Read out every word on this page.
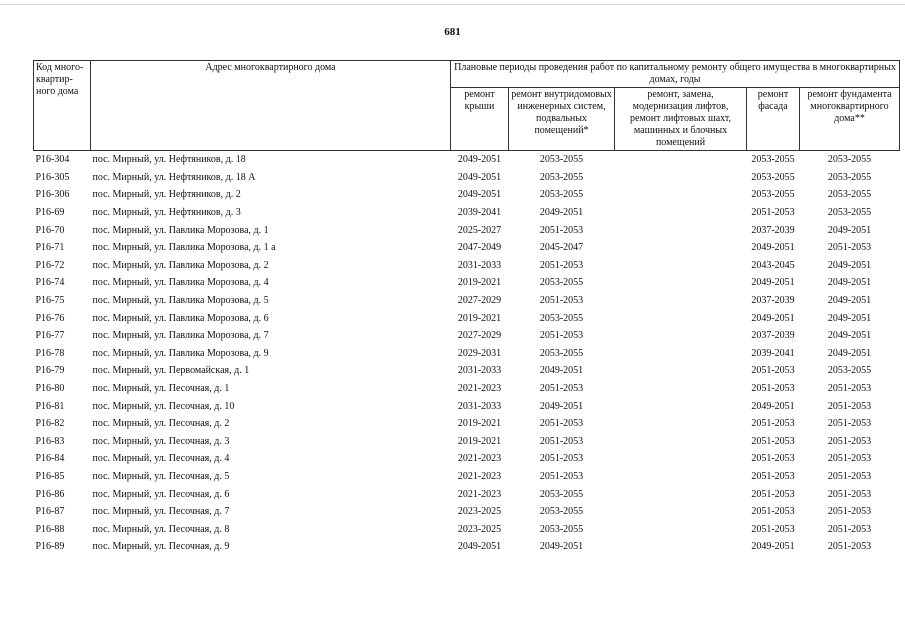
681
Код много-квартир-ного дома	Адрес многоквартирного дома	Плановые периоды проведения работ по капитальному ремонту общего имущества в многоквартирных домах, годы				
		ремонт крыши	ремонт внутридомовых инженерных систем, подвальных помещений*	ремонт, замена, модернизация лифтов, ремонт лифтовых шахт, машинных и блочных помещений	ремонт фасада	ремонт фундамента многоквартирного дома**
Р16-304	пос. Мирный, ул. Нефтяников, д. 18	2049-2051	2053-2055		2053-2055	2053-2055
Р16-305	пос. Мирный, ул. Нефтяников, д. 18 А	2049-2051	2053-2055		2053-2055	2053-2055
Р16-306	пос. Мирный, ул. Нефтяников, д. 2	2049-2051	2053-2055		2053-2055	2053-2055
Р16-69	пос. Мирный, ул. Нефтяников, д. 3	2039-2041	2049-2051		2051-2053	2053-2055
Р16-70	пос. Мирный, ул. Павлика Морозова, д. 1	2025-2027	2051-2053		2037-2039	2049-2051
Р16-71	пос. Мирный, ул. Павлика Морозова, д. 1 а	2047-2049	2045-2047		2049-2051	2051-2053
Р16-72	пос. Мирный, ул. Павлика Морозова, д. 2	2031-2033	2051-2053		2043-2045	2049-2051
Р16-74	пос. Мирный, ул. Павлика Морозова, д. 4	2019-2021	2053-2055		2049-2051	2049-2051
Р16-75	пос. Мирный, ул. Павлика Морозова, д. 5	2027-2029	2051-2053		2037-2039	2049-2051
Р16-76	пос. Мирный, ул. Павлика Морозова, д. 6	2019-2021	2053-2055		2049-2051	2049-2051
Р16-77	пос. Мирный, ул. Павлика Морозова, д. 7	2027-2029	2051-2053		2037-2039	2049-2051
Р16-78	пос. Мирный, ул. Павлика Морозова, д. 9	2029-2031	2053-2055		2039-2041	2049-2051
Р16-79	пос. Мирный, ул. Первомайская, д. 1	2031-2033	2049-2051		2051-2053	2053-2055
Р16-80	пос. Мирный, ул. Песочная, д. 1	2021-2023	2051-2053		2051-2053	2051-2053
Р16-81	пос. Мирный, ул. Песочная, д. 10	2031-2033	2049-2051		2049-2051	2051-2053
Р16-82	пос. Мирный, ул. Песочная, д. 2	2019-2021	2051-2053		2051-2053	2051-2053
Р16-83	пос. Мирный, ул. Песочная, д. 3	2019-2021	2051-2053		2051-2053	2051-2053
Р16-84	пос. Мирный, ул. Песочная, д. 4	2021-2023	2051-2053		2051-2053	2051-2053
Р16-85	пос. Мирный, ул. Песочная, д. 5	2021-2023	2051-2053		2051-2053	2051-2053
Р16-86	пос. Мирный, ул. Песочная, д. 6	2021-2023	2053-2055		2051-2053	2051-2053
Р16-87	пос. Мирный, ул. Песочная, д. 7	2023-2025	2053-2055		2051-2053	2051-2053
Р16-88	пос. Мирный, ул. Песочная, д. 8	2023-2025	2053-2055		2051-2053	2051-2053
Р16-89	пос. Мирный, ул. Песочная, д. 9	2049-2051	2049-2051		2049-2051	2051-2053
